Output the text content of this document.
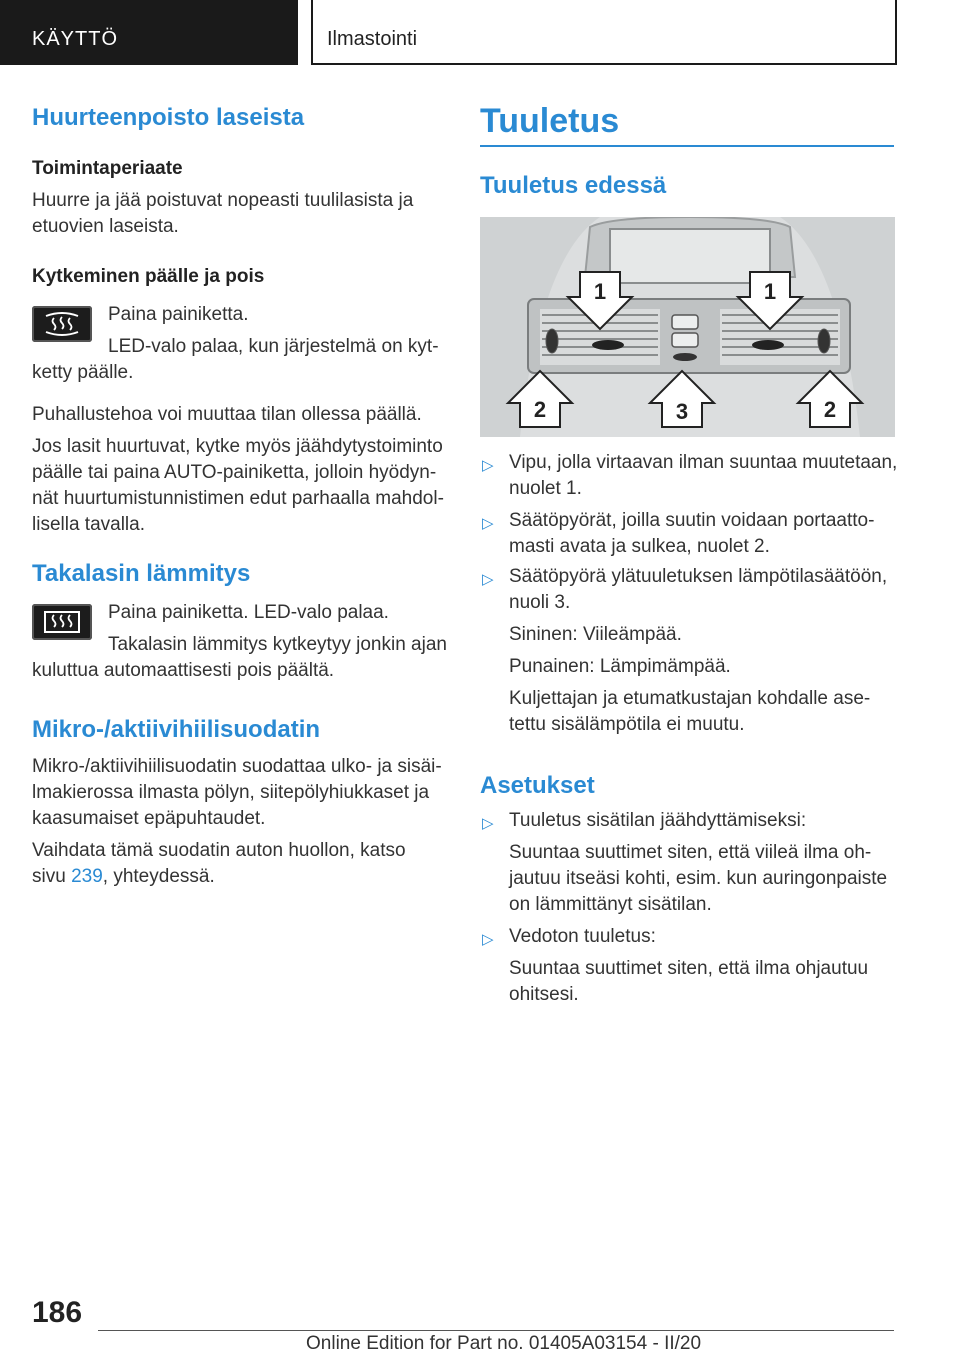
KÄYTTÖ	Ilmastointi
Huurteenpoisto laseista
Toimintaperiaate
Huurre ja jää poistuvat nopeasti tuulilasista ja
etuovien laseista.
Kytkeminen päälle ja pois
Paina painiketta.
LED-valo palaa, kun järjestelmä on kyt-
ketty päälle.
Puhallustehoa voi muuttaa tilan ollessa päällä.
Jos lasit huurtuvat, kytke myös jäähdytystoiminto
päälle tai paina AUTO-painiketta, jolloin hyödyn-
nät huurtumistunnistimen edut parhaalla mahdol-
lisella tavalla.
Takalasin lämmitys
Paina painiketta. LED-valo palaa.
Takalasin lämmitys kytkeytyy jonkin ajan
kuluttua automaattisesti pois päältä.
Mikro-/aktiivihiilisuodatin
Mikro-/aktiivihiilisuodatin suodattaa ulko- ja sisäi-
lmakierossa ilmasta pölyn, siitepölyhiukkaset ja
kaasumaiset epäpuhtaudet.
Vaihdata tämä suodatin auton huollon, katso
sivu 239, yhteydessä.
Tuuletus
Tuuletus edessä
1	1
2	3	2
▷ Vipu, jolla virtaavan ilman suuntaa muutetaan,
nuolet 1.
▷ Säätöpyörät, joilla suutin voidaan portaatto-
masti avata ja sulkea, nuolet 2.
▷ Säätöpyörä ylätuuletuksen lämpötilasäätöön,
nuoli 3.
Sininen: Viileämpää.
Punainen: Lämpimämpää.
Kuljettajan ja etumatkustajan kohdalle ase-
tettu sisälämpötila ei muutu.
Asetukset
▷ Tuuletus sisätilan jäähdyttämiseksi:
Suuntaa suuttimet siten, että viileä ilma oh-
jautuu itseäsi kohti, esim. kun auringonpaiste
on lämmittänyt sisätilan.
▷ Vedoton tuuletus:
Suuntaa suuttimet siten, että ilma ohjautuu
ohitsesi.
186
Online Edition for Part no. 01405A03154 - II/20
